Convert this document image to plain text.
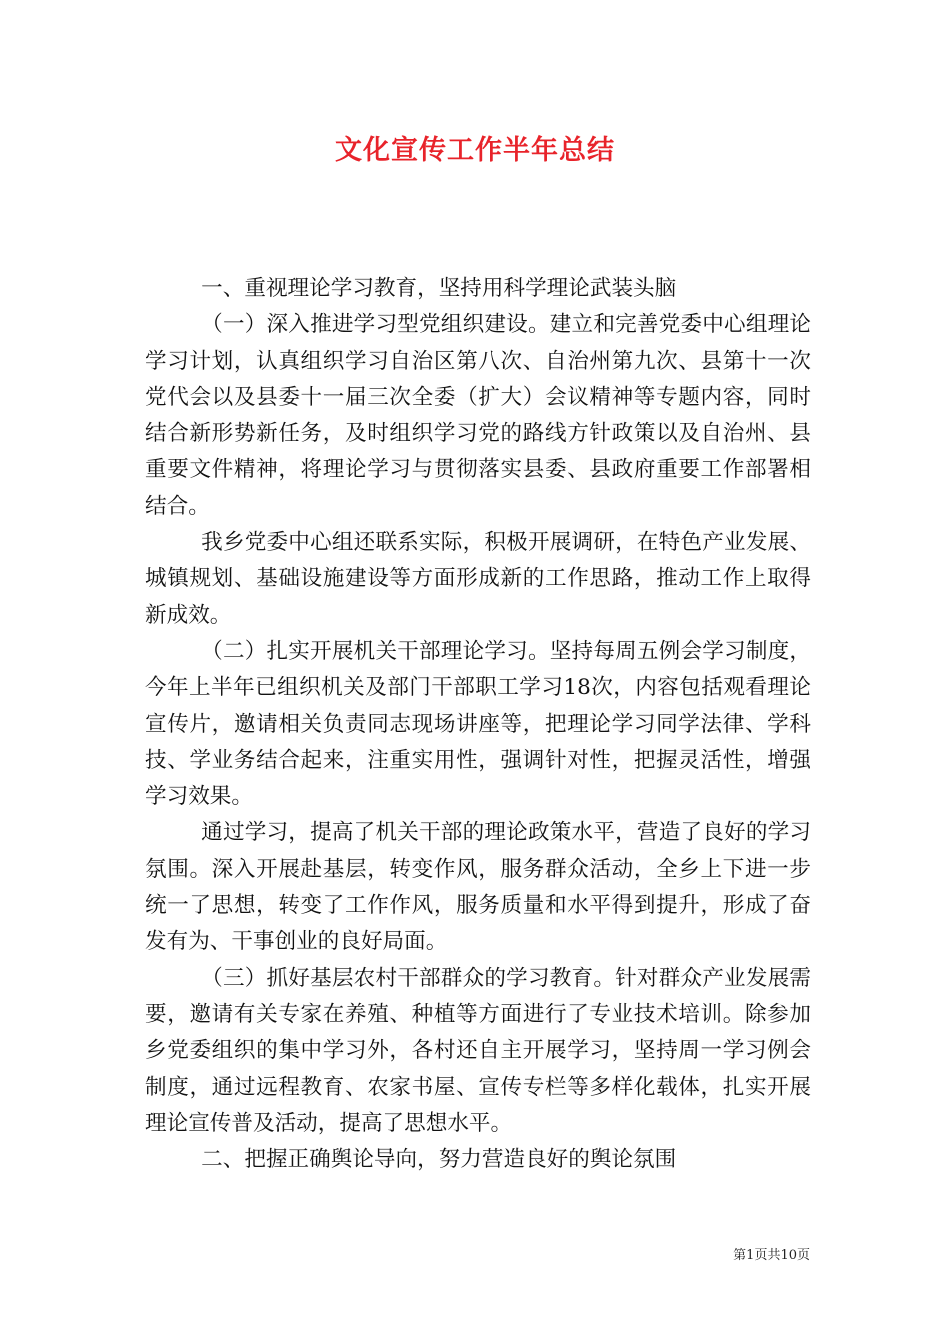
文化宣传工作半年总结

一、重视理论学习教育，坚持用科学理论武装头脑

（一）深入推进学习型党组织建设。建立和完善党委中心组理论学习计划，认真组织学习自治区第八次、自治州第九次、县第十一次党代会以及县委十一届三次全委（扩大）会议精神等专题内容，同时结合新形势新任务，及时组织学习党的路线方针政策以及自治州、县重要文件精神，将理论学习与贯彻落实县委、县政府重要工作部署相结合。

我乡党委中心组还联系实际，积极开展调研，在特色产业发展、城镇规划、基础设施建设等方面形成新的工作思路，推动工作上取得新成效。

（二）扎实开展机关干部理论学习。坚持每周五例会学习制度，今年上半年已组织机关及部门干部职工学习18次，内容包括观看理论宣传片，邀请相关负责同志现场讲座等，把理论学习同学法律、学科技、学业务结合起来，注重实用性，强调针对性，把握灵活性，增强学习效果。

通过学习，提高了机关干部的理论政策水平，营造了良好的学习氛围。深入开展赴基层，转变作风，服务群众活动，全乡上下进一步统一了思想，转变了工作作风，服务质量和水平得到提升，形成了奋发有为、干事创业的良好局面。

（三）抓好基层农村干部群众的学习教育。针对群众产业发展需要，邀请有关专家在养殖、种植等方面进行了专业技术培训。除参加乡党委组织的集中学习外，各村还自主开展学习，坚持周一学习例会制度，通过远程教育、农家书屋、宣传专栏等多样化载体，扎实开展理论宣传普及活动，提高了思想水平。

二、把握正确舆论导向，努力营造良好的舆论氛围

第1页共10页
